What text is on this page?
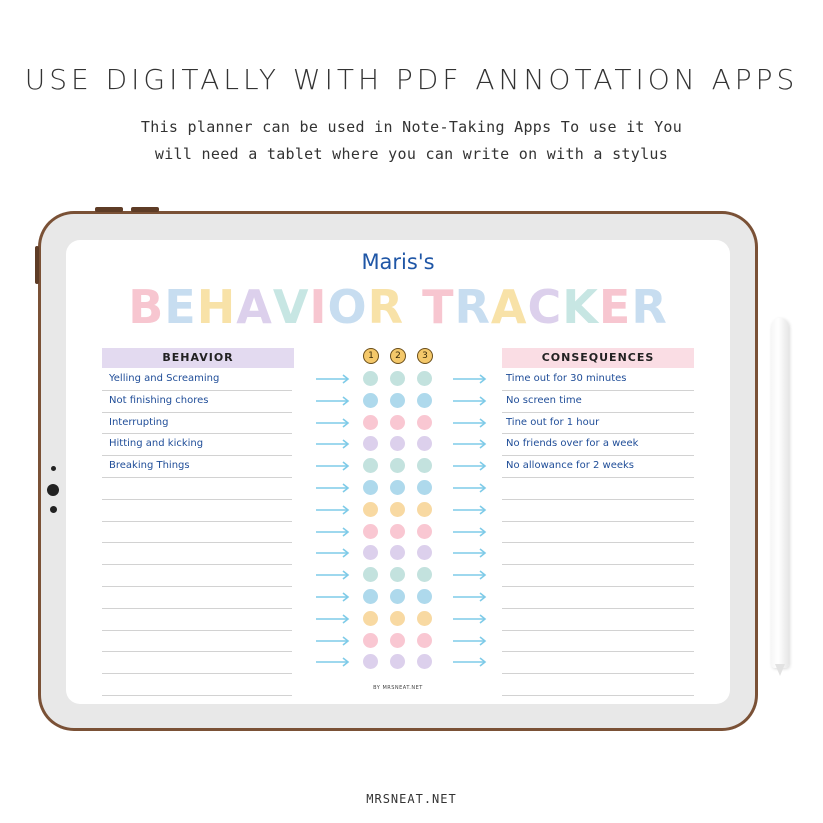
USE DIGITALLY WITH PDF ANNOTATION APPS
This planner can be used in Note-Taking Apps To use it You
will need a tablet where you can write on with a stylus
Maris's
BEHAVIOR TRACKER
BEHAVIOR	CONSEQUENCES
1	2	3
Yelling and Screaming	Time out for 30 minutes
Not finishing chores	No screen time
Interrupting	Tine out for 1 hour
Hitting and kicking	No friends over for a week
Breaking Things	No allowance for 2 weeks
BY MRSNEAT.NET
MRSNEAT.NET
